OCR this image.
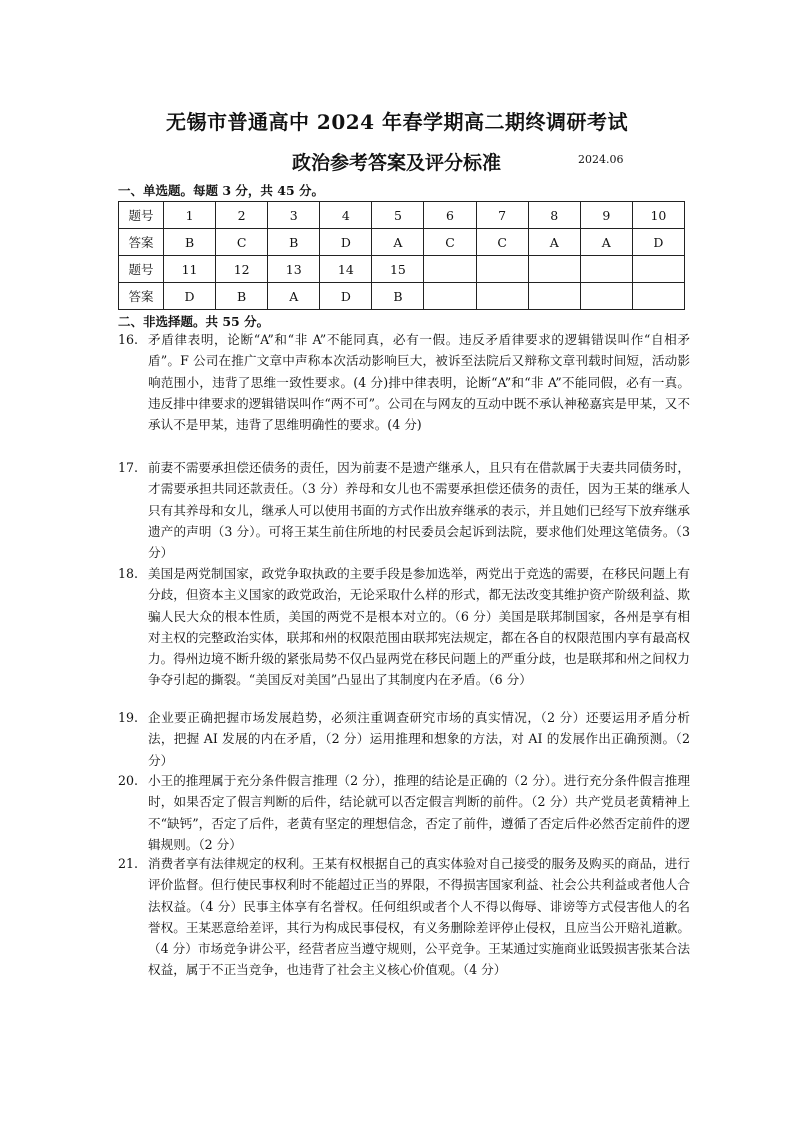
无锡市普通高中 2024 年春学期高二期终调研考试
政治参考答案及评分标准	2024.06
一、单选题。每题 3 分，共 45 分。
题号	1	2	3	4	5	6	7	8	9	10
答案	B	C	B	D	A	C	C	A	A	D
题号	11	12	13	14	15					
答案	D	B	A	D	B					
二、非选择题。共 55 分。
16. 矛盾律表明，论断“A”和“非 A”不能同真，必有一假。违反矛盾律要求的逻辑错误叫作“自相矛盾”。F 公司在推广文章中声称本次活动影响巨大，被诉至法院后又辩称文章刊载时间短，活动影响范围小，违背了思维一致性要求。(4 分)排中律表明，论断“A”和“非 A”不能同假，必有一真。违反排中律要求的逻辑错误叫作“两不可”。公司在与网友的互动中既不承认神秘嘉宾是甲某，又不承认不是甲某，违背了思维明确性的要求。(4 分)
17. 前妻不需要承担偿还债务的责任，因为前妻不是遗产继承人，且只有在借款属于夫妻共同债务时，才需要承担共同还款责任。（3 分）养母和女儿也不需要承担偿还债务的责任，因为王某的继承人只有其养母和女儿，继承人可以使用书面的方式作出放弃继承的表示，并且她们已经写下放弃继承遗产的声明（3 分）。可将王某生前住所地的村民委员会起诉到法院，要求他们处理这笔债务。（3 分）
18. 美国是两党制国家，政党争取执政的主要手段是参加选举，两党出于竞选的需要，在移民问题上有分歧，但资本主义国家的政党政治，无论采取什么样的形式，都无法改变其维护资产阶级利益、欺骗人民大众的根本性质，美国的两党不是根本对立的。（6 分）美国是联邦制国家，各州是享有相对主权的完整政治实体，联邦和州的权限范围由联邦宪法规定，都在各自的权限范围内享有最高权力。得州边境不断升级的紧张局势不仅凸显两党在移民问题上的严重分歧，也是联邦和州之间权力争夺引起的撕裂。“美国反对美国”凸显出了其制度内在矛盾。（6 分）
19. 企业要正确把握市场发展趋势，必须注重调查研究市场的真实情况，（2 分）还要运用矛盾分析法，把握 AI 发展的内在矛盾，（2 分）运用推理和想象的方法，对 AI 的发展作出正确预测。（2 分）
20. 小王的推理属于充分条件假言推理（2 分），推理的结论是正确的（2 分）。进行充分条件假言推理时，如果否定了假言判断的后件，结论就可以否定假言判断的前件。（2 分）共产党员老黄精神上不“缺钙”，否定了后件，老黄有坚定的理想信念，否定了前件，遵循了否定后件必然否定前件的逻辑规则。（2 分）
21. 消费者享有法律规定的权利。王某有权根据自己的真实体验对自己接受的服务及购买的商品，进行评价监督。但行使民事权利时不能超过正当的界限，不得损害国家利益、社会公共利益或者他人合法权益。（4 分）民事主体享有名誉权。任何组织或者个人不得以侮辱、诽谤等方式侵害他人的名誉权。王某恶意给差评，其行为构成民事侵权，有义务删除差评停止侵权，且应当公开赔礼道歉。（4 分）市场竞争讲公平，经营者应当遵守规则，公平竞争。王某通过实施商业诋毁损害张某合法权益，属于不正当竞争，也违背了社会主义核心价值观。（4 分）
